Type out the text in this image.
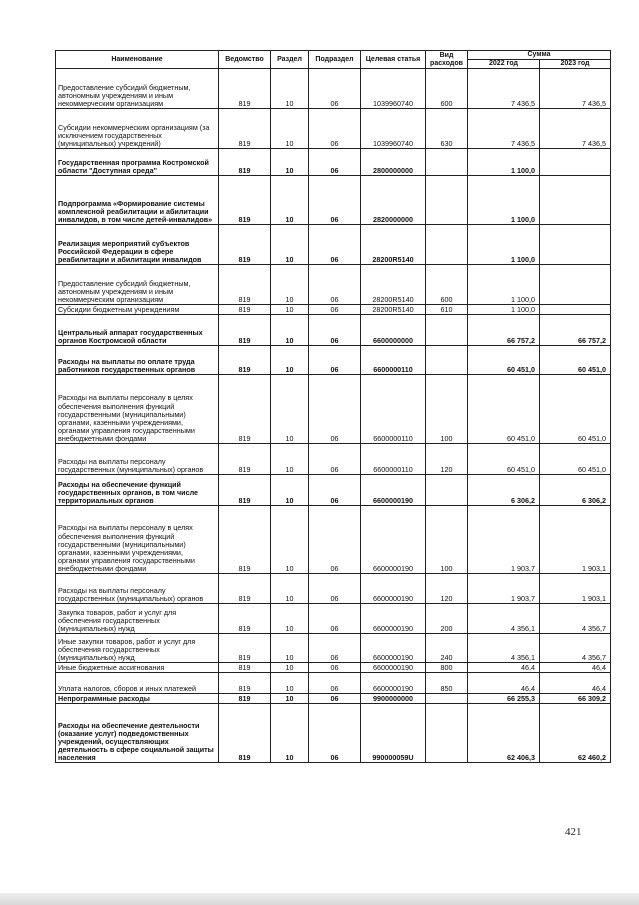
Наименование	Ведомство	Раздел	Подраздел	Целевая статья	Вид расходов	Сумма	
						2022 год	2023 год
Предоставление субсидий бюджетным, автономным учреждениям и иным некоммерческим организациям	819	10	06	1039960740	600	7 436,5	7 436,5
Субсидии некоммерческим организациям (за исключением государственных (муниципальных) учреждений)	819	10	06	1039960740	630	7 436,5	7 436,5
Государственная программа Костромской области "Доступная среда"	819	10	06	2800000000		1 100,0	
Подпрограмма «Формирование системы комплексной реабилитации и абилитации инвалидов, в том числе детей-инвалидов»	819	10	06	2820000000		1 100,0	
Реализация мероприятий субъектов Российской Федерации в сфере реабилитации и абилитации инвалидов	819	10	06	28200R5140		1 100,0	
Предоставление субсидий бюджетным, автономным учреждениям и иным некоммерческим организациям	819	10	06	28200R5140	600	1 100,0	
Субсидии бюджетным учреждениям	819	10	06	28200R5140	610	1 100,0	
Центральный аппарат государственных органов Костромской области	819	10	06	6600000000		66 757,2	66 757,2
Расходы на выплаты по оплате труда работников государственных органов	819	10	06	6600000110		60 451,0	60 451,0
Расходы на выплаты персоналу в целях обеспечения выполнения функций государственными (муниципальными) органами, казенными учреждениями, органами управления государственными внебюджетными фондами	819	10	06	6600000110	100	60 451,0	60 451,0
Расходы на выплаты персоналу государственных (муниципальных) органов	819	10	06	6600000110	120	60 451,0	60 451,0
Расходы на обеспечение функций государственных органов, в том числе территориальных органов	819	10	06	6600000190		6 306,2	6 306,2
Расходы на выплаты персоналу в целях обеспечения выполнения функций государственными (муниципальными) органами, казенными учреждениями, органами управления государственными внебюджетными фондами	819	10	06	6600000190	100	1 903,7	1 903,1
Расходы на выплаты персоналу государственных (муниципальных) органов	819	10	06	6600000190	120	1 903,7	1 903,1
Закупка товаров, работ и услуг для обеспечения государственных (муниципальных) нужд	819	10	06	6600000190	200	4 356,1	4 356,7
Иные закупки товаров, работ и услуг для обеспечения государственных (муниципальных) нужд	819	10	06	6600000190	240	4 356,1	4 356,7
Иные бюджетные ассигнования	819	10	06	6600000190	800	46,4	46,4
Уплата налогов, сборов и иных платежей	819	10	06	6600000190	850	46,4	46,4
Непрограммные расходы	819	10	06	9900000000		66 255,3	66 309,2
Расходы на обеспечение деятельности (оказание услуг) подведомственных учреждений, осуществляющих деятельность в сфере социальной защиты населения	819	10	06	990000059U		62 406,3	62 460,2
421
